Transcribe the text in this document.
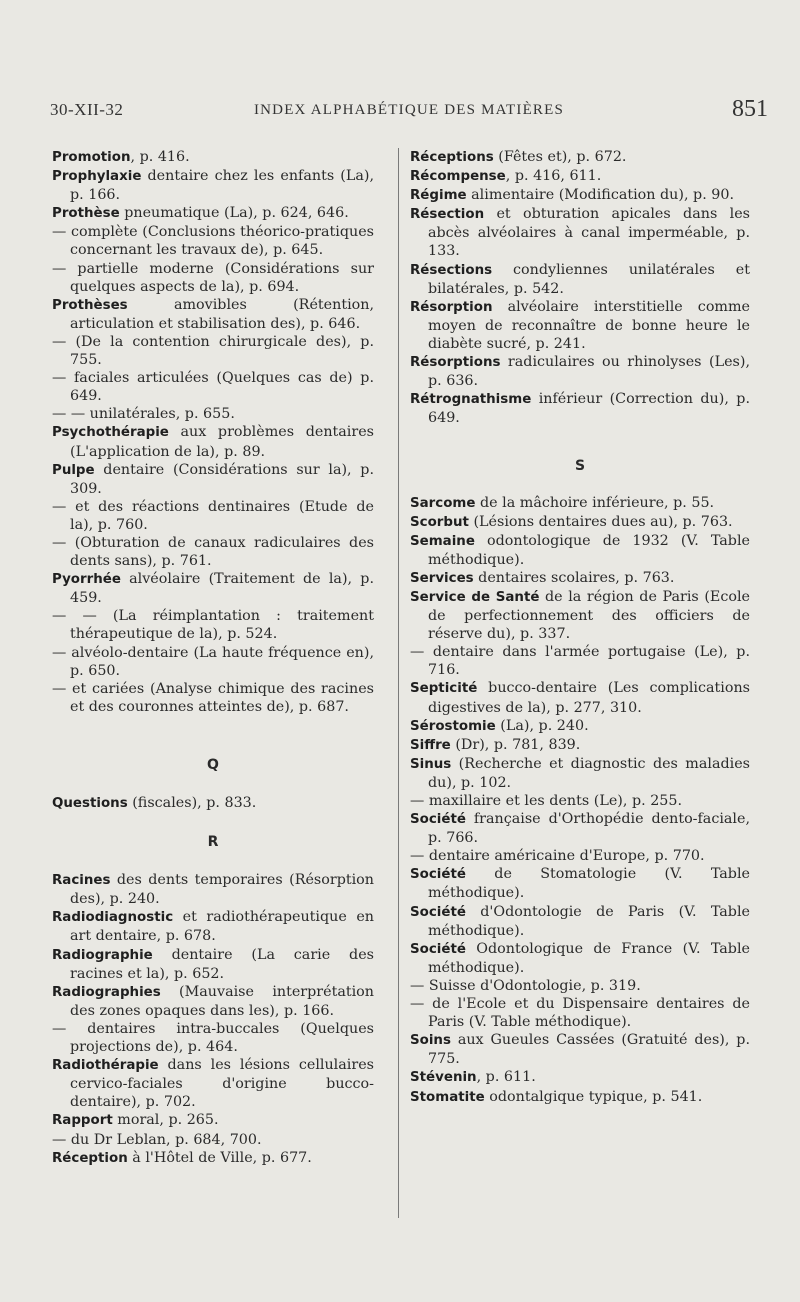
30-XII-32	INDEX ALPHABÉTIQUE DES MATIÈRES	851

Promotion, p. 416.

Prophylaxie dentaire chez les enfants (La), p. 166.

Prothèse pneumatique (La), p. 624, 646.

— complète (Conclusions théorico-pratiques concernant les travaux de), p. 645.

— partielle moderne (Considérations sur quelques aspects de la), p. 694.

Prothèses amovibles (Rétention, articulation et stabilisation des), p. 646.

— (De la contention chirurgicale des), p. 755.

— faciales articulées (Quelques cas de) p. 649.

— — unilatérales, p. 655.

Psychothérapie aux problèmes dentaires (L'application de la), p. 89.

Pulpe dentaire (Considérations sur la), p. 309.

— et des réactions dentinaires (Etude de la), p. 760.

— (Obturation de canaux radiculaires des dents sans), p. 761.

Pyorrhée alvéolaire (Traitement de la), p. 459.

— — (La réimplantation : traitement thérapeutique de la), p. 524.

— alvéolo-dentaire (La haute fréquence en), p. 650.

— et cariées (Analyse chimique des racines et des couronnes atteintes de), p. 687.

Q

Questions (fiscales), p. 833.

R

Racines des dents temporaires (Résorption des), p. 240.

Radiodiagnostic et radiothérapeutique en art dentaire, p. 678.

Radiographie dentaire (La carie des racines et la), p. 652.

Radiographies (Mauvaise interprétation des zones opaques dans les), p. 166.

— dentaires intra-buccales (Quelques projections de), p. 464.

Radiothérapie dans les lésions cellulaires cervico-faciales d'origine bucco-dentaire), p. 702.

Rapport moral, p. 265.

— du Dr Leblan, p. 684, 700.

Réception à l'Hôtel de Ville, p. 677.

Réceptions (Fêtes et), p. 672.

Récompense, p. 416, 611.

Régime alimentaire (Modification du), p. 90.

Résection et obturation apicales dans les abcès alvéolaires à canal imperméable, p. 133.

Résections condyliennes unilatérales et bilatérales, p. 542.

Résorption alvéolaire interstitielle comme moyen de reconnaître de bonne heure le diabète sucré, p. 241.

Résorptions radiculaires ou rhinolyses (Les), p. 636.

Rétrognathisme inférieur (Correction du), p. 649.

S

Sarcome de la mâchoire inférieure, p. 55.

Scorbut (Lésions dentaires dues au), p. 763.

Semaine odontologique de 1932 (V. Table méthodique).

Services dentaires scolaires, p. 763.

Service de Santé de la région de Paris (Ecole de perfectionnement des officiers de réserve du), p. 337.

— dentaire dans l'armée portugaise (Le), p. 716.

Septicité bucco-dentaire (Les complications digestives de la), p. 277, 310.

Sérostomie (La), p. 240.

Siffre (Dr), p. 781, 839.

Sinus (Recherche et diagnostic des maladies du), p. 102.

— maxillaire et les dents (Le), p. 255.

Société française d'Orthopédie dento-faciale, p. 766.

— dentaire américaine d'Europe, p. 770.

Société de Stomatologie (V. Table méthodique).

Société d'Odontologie de Paris (V. Table méthodique).

Société Odontologique de France (V. Table méthodique).

— Suisse d'Odontologie, p. 319.

— de l'Ecole et du Dispensaire dentaires de Paris (V. Table méthodique).

Soins aux Gueules Cassées (Gratuité des), p. 775.

Stévenin, p. 611.

Stomatite odontalgique typique, p. 541.
